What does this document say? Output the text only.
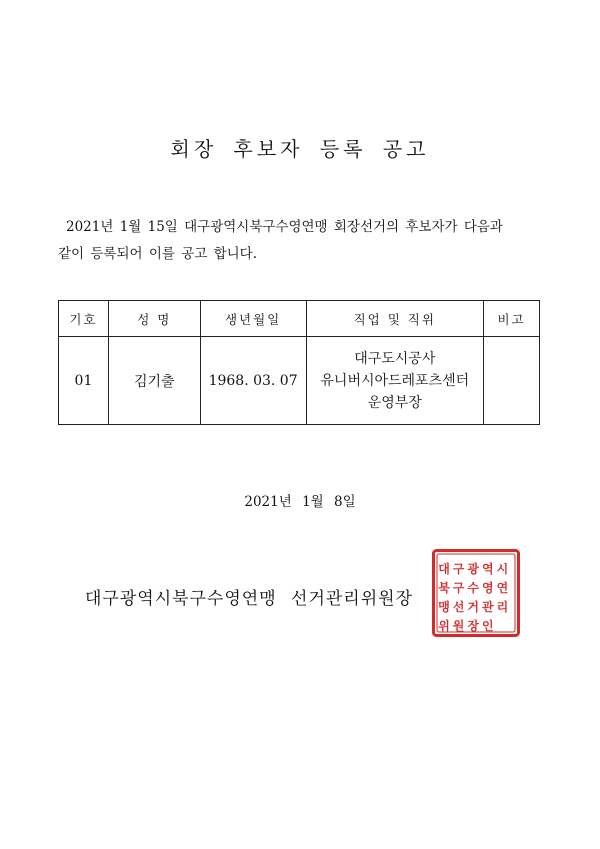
회장 후보자 등록 공고
2021년 1월 15일 대구광역시북구수영연맹 회장선거의 후보자가 다음과
같이 등록되어 이를 공고 합니다.
기호	성 명	생년월일	직업 및 직위	비고
01	김기출	1968. 03. 07	대구도시공사
유니버시아드레포츠센터
운영부장	
2021년 1월 8일
대구광역시북구수영연맹 선거관리위원장
대 구 광 역 시
북 구 수 영 연
맹 선 거 관 리
위 원 장 인
